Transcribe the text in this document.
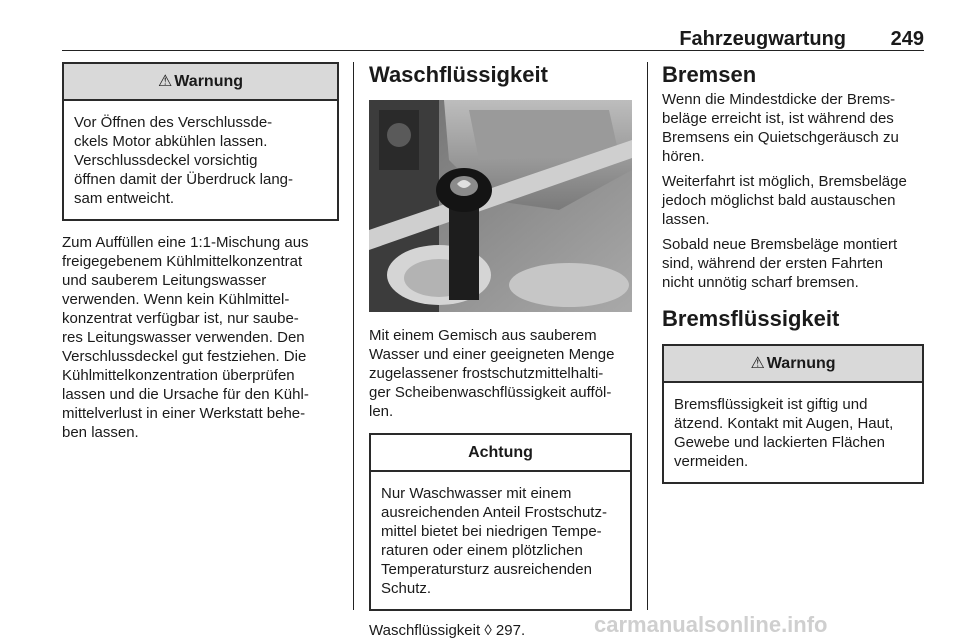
Fahrzeugwartung 249
⚠ Warnung

Vor Öffnen des Verschlussde-

ckels Motor abkühlen lassen.

Verschlussdeckel vorsichtig

öffnen damit der Überdruck lang-

sam entweicht.

Zum Auffüllen eine 1:1-Mischung aus

freigegebenem Kühlmittelkonzentrat

und sauberem Leitungswasser

verwenden. Wenn kein Kühlmittel-

konzentrat verfügbar ist, nur saube-

res Leitungswasser verwenden. Den

Verschlussdeckel gut festziehen. Die

Kühlmittelkonzentration überprüfen

lassen und die Ursache für den Kühl-

mittelverlust in einer Werkstatt behe-

ben lassen.

Waschflüssigkeit

Mit einem Gemisch aus sauberem

Wasser und einer geeigneten Menge

zugelassener frostschutzmittelhalti-

ger Scheibenwaschflüssigkeit aufföl-

len.

Achtung

Nur Waschwasser mit einem

ausreichenden Anteil Frostschutz-

mittel bietet bei niedrigen Tempe-

raturen oder einem plötzlichen

Temperatursturz ausreichenden

Schutz.

Waschflüssigkeit ◊ 297.

Bremsen

Wenn die Mindestdicke der Brems-

beläge erreicht ist, ist während des

Bremsens ein Quietschgeräusch zu

hören.

Weiterfahrt ist möglich, Bremsbeläge

jedoch möglichst bald austauschen

lassen.

Sobald neue Bremsbeläge montiert

sind, während der ersten Fahrten

nicht unnötig scharf bremsen.

Bremsflüssigkeit
⚠ Warnung

Bremsflüssigkeit ist giftig und

ätzend. Kontakt mit Augen, Haut,

Gewebe und lackierten Flächen

vermeiden.

carmanualsonline.info
